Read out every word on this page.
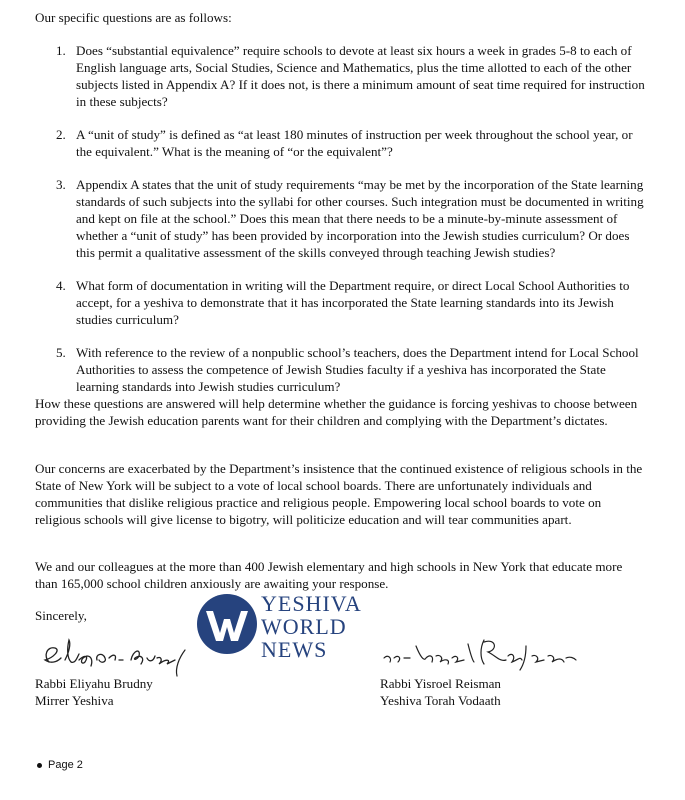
Our specific questions are as follows:

1. Does “substantial equivalence” require schools to devote at least six hours a week in grades 5-8 to each of English language arts, Social Studies, Science and Mathematics, plus the time allotted to each of the other subjects listed in Appendix A? If it does not, is there a minimum amount of seat time required for instruction in these subjects?
2. A “unit of study” is defined as “at least 180 minutes of instruction per week throughout the school year, or the equivalent.” What is the meaning of “or the equivalent”?
3. Appendix A states that the unit of study requirements “may be met by the incorporation of the State learning standards of such subjects into the syllabi for other courses. Such integration must be documented in writing and kept on file at the school.” Does this mean that there needs to be a minute-by-minute assessment of whether a “unit of study” has been provided by incorporation into the Jewish studies curriculum? Or does this permit a qualitative assessment of the skills conveyed through teaching Jewish studies?
4. What form of documentation in writing will the Department require, or direct Local School Authorities to accept, for a yeshiva to demonstrate that it has incorporated the State learning standards into its Jewish studies curriculum?
5. With reference to the review of a nonpublic school’s teachers, does the Department intend for Local School Authorities to assess the competence of Jewish Studies faculty if a yeshiva has incorporated the State learning standards into Jewish studies curriculum?

How these questions are answered will help determine whether the guidance is forcing yeshivas to choose between providing the Jewish education parents want for their children and complying with the Department’s dictates.

Our concerns are exacerbated by the Department’s insistence that the continued existence of religious schools in the State of New York will be subject to a vote of local school boards. There are unfortunately individuals and communities that dislike religious practice and religious people. Empowering local school boards to vote on religious schools will give license to bigotry, will politicize education and will tear communities apart.

We and our colleagues at the more than 400 Jewish elementary and high schools in New York that educate more than 165,000 school children anxiously are awaiting your response.

Sincerely,

Rabbi Eliyahu Brudny
Mirrer Yeshiva
Rabbi Yisroel Reisman
Yeshiva Torah Vodaath
YESHIVA
WORLD
NEWS
Page 2
